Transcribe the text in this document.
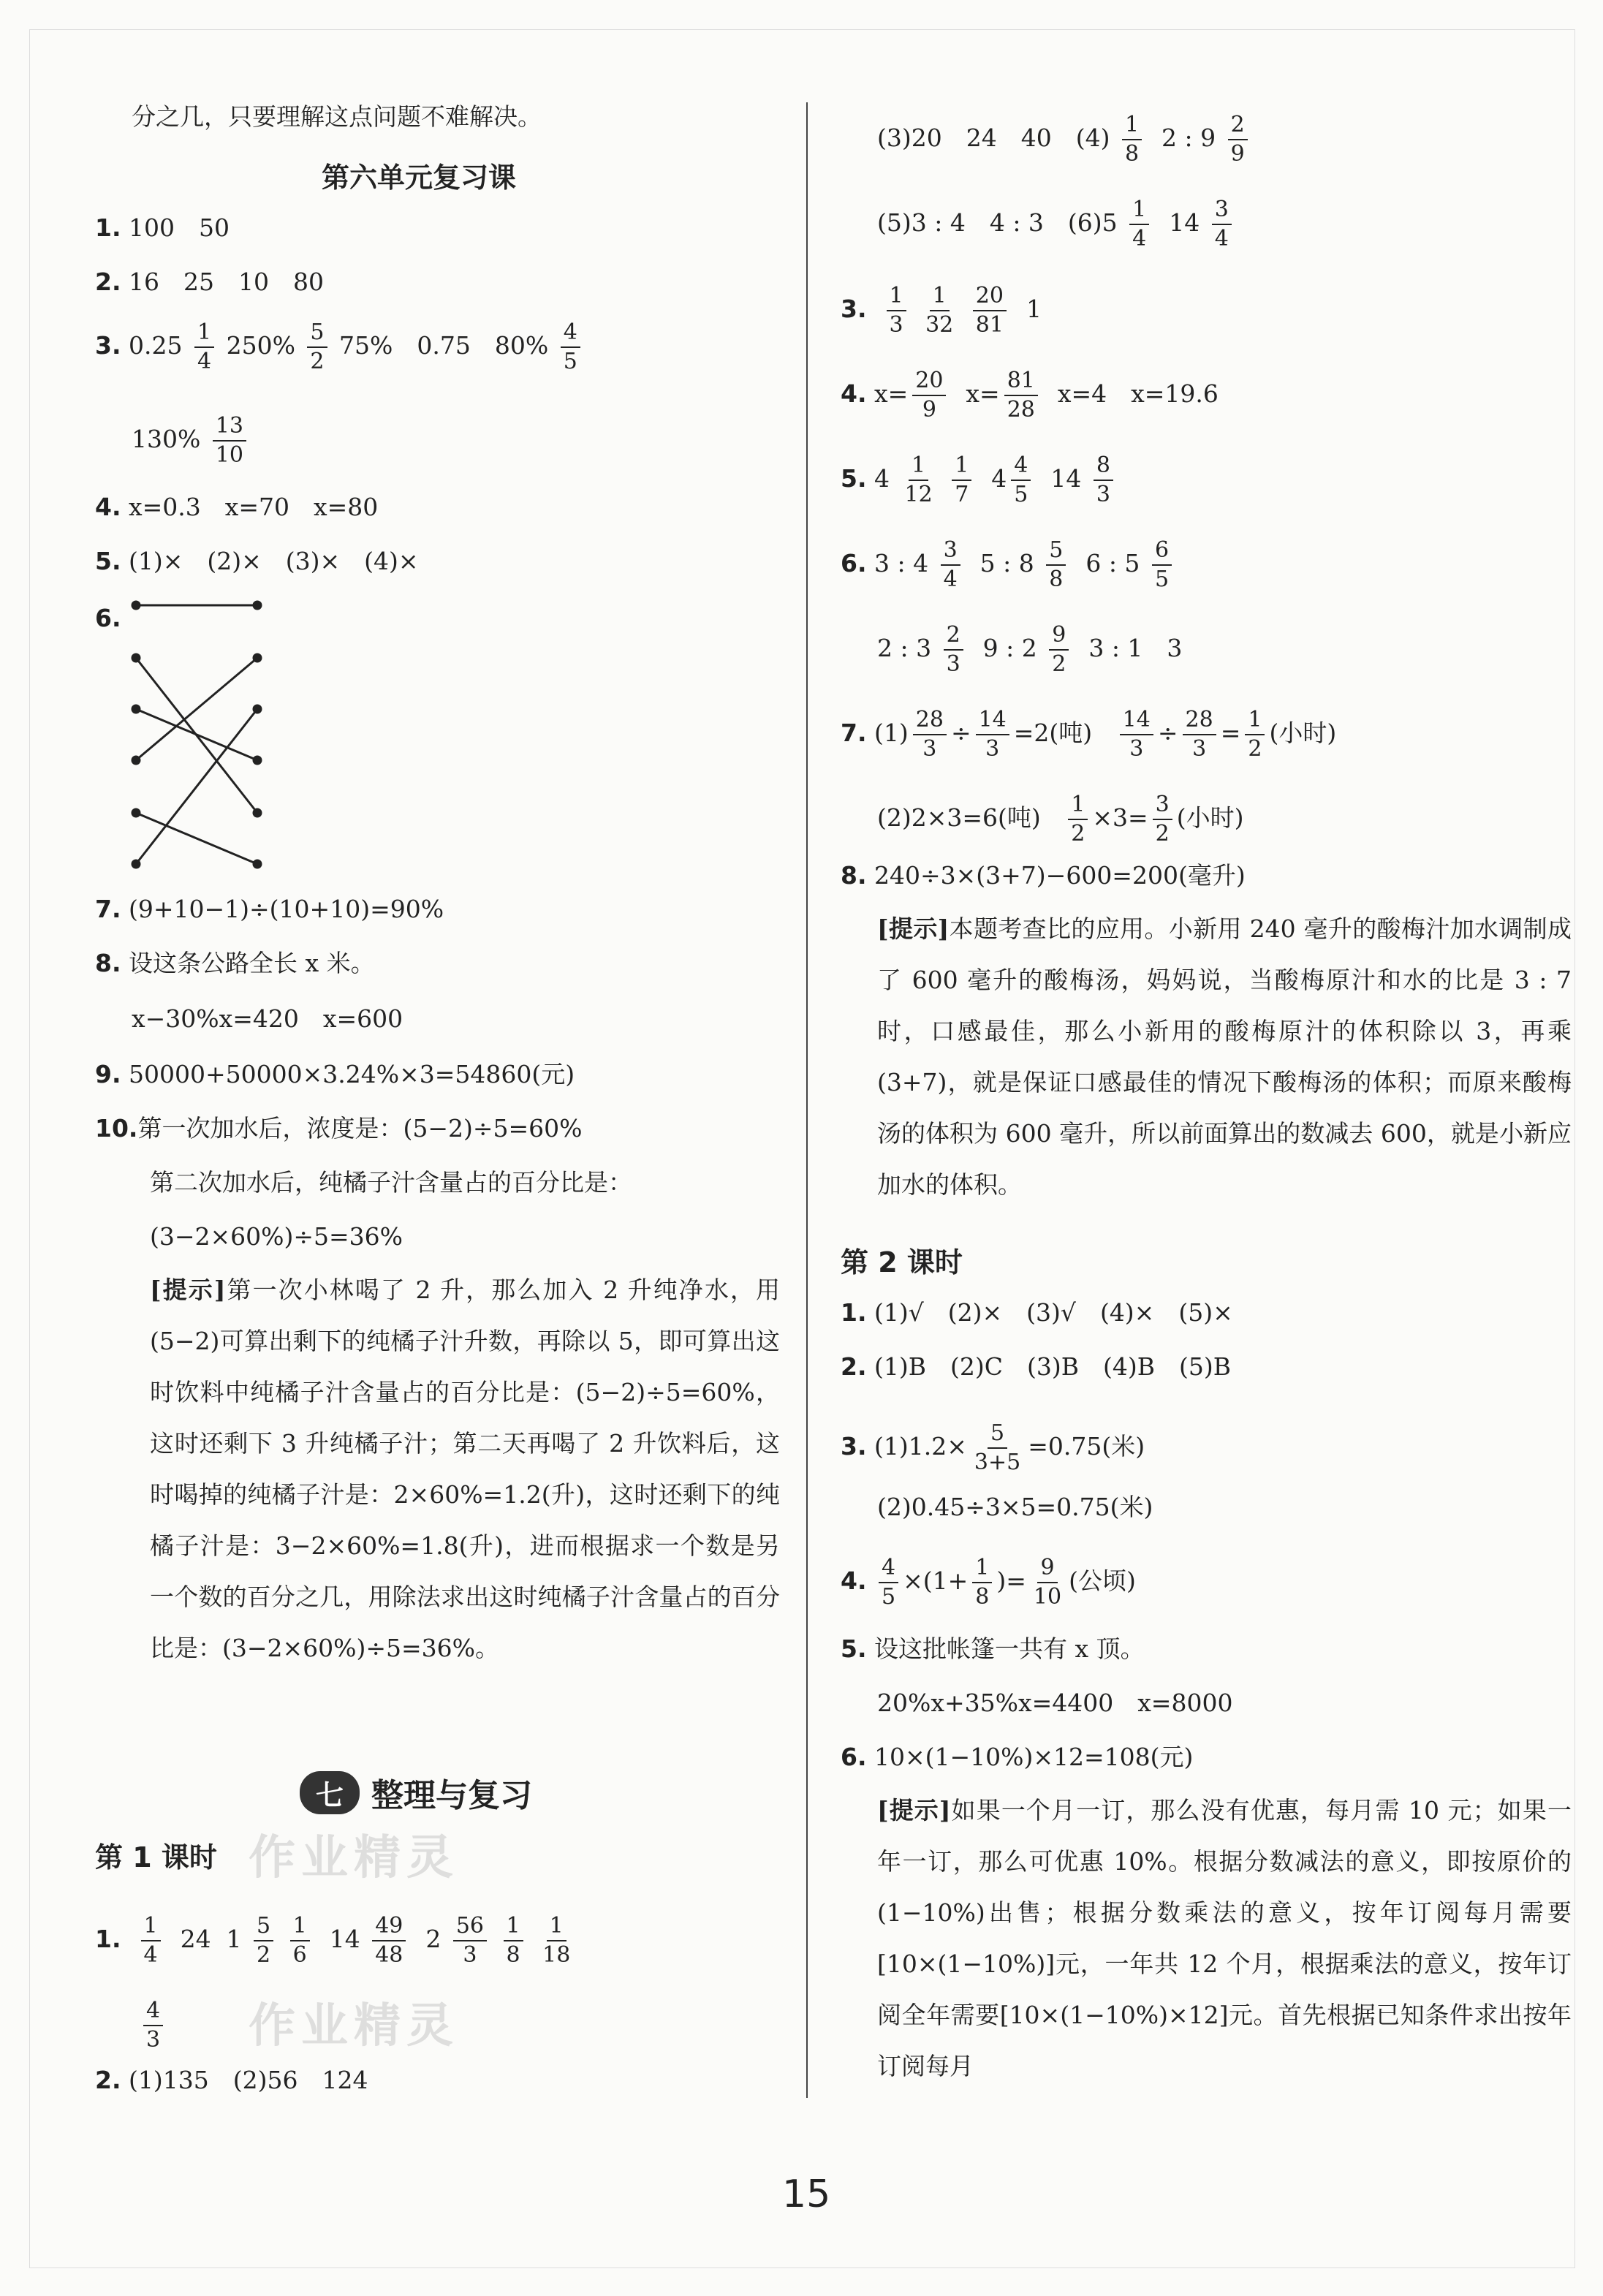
分之几，只要理解这点问题不难解决。
第六单元复习课
1. 100　50
2. 16　25　10　80
3. $0.25 \frac{1}{4} 250\% \frac{5}{2} 75\%$　0.75　$80\% \frac{4}{5}$
$130\% \frac{13}{10}$
4. x=0.3　x=70　x=80
5. (1)×　(2)×　(3)×　(4)×
6.
7. (9+10−1)÷(10+10)=90%
8. 设这条公路全长 x 米。
x−30%x=420　x=600
9. 50000+50000×3.24%×3=54860(元)
10.第一次加水后，浓度是：(5−2)÷5=60%
第二次加水后，纯橘子汁含量占的百分比是：
(3−2×60%)÷5=36%
[提示]第一次小林喝了 2 升，那么加入 2 升纯净水，用(5−2)可算出剩下的纯橘子汁升数，再除以 5，即可算出这时饮料中纯橘子汁含量占的百分比是：(5−2)÷5=60%，这时还剩下 3 升纯橘子汁；第二天再喝了 2 升饮料后，这时喝掉的纯橘子汁是：2×60%=1.2(升)，这时还剩下的纯橘子汁是：3−2×60%=1.8(升)，进而根据求一个数是另一个数的百分之几，用除法求出这时纯橘子汁含量占的百分比是：(3−2×60%)÷5=36%。
七 整理与复习
第 1 课时
1. $\frac{1}{4} 24$  $1 \frac{5}{2}$
$\frac{1}{6} 14 \frac{49}{48} 2 \frac{56}{3}$
$\frac{1}{8}$
$\frac{1}{18}$
$\frac{4}{3}$
2. (1)135　(2)56　124
作业精灵
作业精灵
(3)20　24　40　$(4) \frac{1}{8} 2$ : $9 \frac{2}{9}$
(5)3 : 4　4 : 3　$(6)5 \frac{1}{4} 14 \frac{3}{4}$
3. $\frac{1}{3}$
$\frac{1}{32}$
$\frac{20}{81} 1$
4. $x= \frac{20}{9} x= \frac{81}{28} x=4$　x=19.6
5. $4 \frac{1}{12}$
$\frac{1}{7} 4 \frac{4}{5} 14 \frac{8}{3}$
6. 3 : $4 \frac{3}{4} 5$ : $8 \frac{5}{8} 6$ : $5 \frac{6}{5}$
2 : $3 \frac{2}{3} 9$ : $2 \frac{9}{2} 3$ : 1　3
7. $(1) \frac{28}{3} \div \frac{14}{3} =2$(吨) $\frac{14}{3} \div \frac{28}{3} = \frac{1}{2}$ (小时)
(2)2×3=6(吨) $\frac{1}{2} \times 3= \frac{3}{2}$ (小时)
8. 240÷3×(3+7)−600=200(毫升)
[提示]本题考查比的应用。小新用 240 毫升的酸梅汁加水调制成了 600 毫升的酸梅汤，妈妈说，当酸梅原汁和水的比是 3 : 7 时，口感最佳，那么小新用的酸梅原汁的体积除以 3，再乘(3+7)，就是保证口感最佳的情况下酸梅汤的体积；而原来酸梅汤的体积为 600 毫升，所以前面算出的数减去 600，就是小新应加水的体积。
第 2 课时
1. (1)√　(2)×　(3)√　(4)×　(5)×
2. (1)B　(2)C　(3)B　(4)B　(5)B
3. $(1)1.2\times \frac{5}{3+5} =0.75$(米)
(2)0.45÷3×5=0.75(米)
4. $\frac{4}{5} \times(1+ \frac{1}{8}$ )= $\frac{9}{10}$ (公顷)
5. 设这批帐篷一共有 x 顶。
20%x+35%x=4400　x=8000
6. 10×(1−10%)×12=108(元)
[提示]如果一个月一订，那么没有优惠，每月需 10 元；如果一年一订，那么可优惠 10%。根据分数减法的意义，即按原价的(1−10%)出售；根据分数乘法的意义，按年订阅每月需要[10×(1−10%)]元，一年共 12 个月，根据乘法的意义，按年订阅全年需要[10×(1−10%)×12]元。首先根据已知条件求出按年订阅每月
15
